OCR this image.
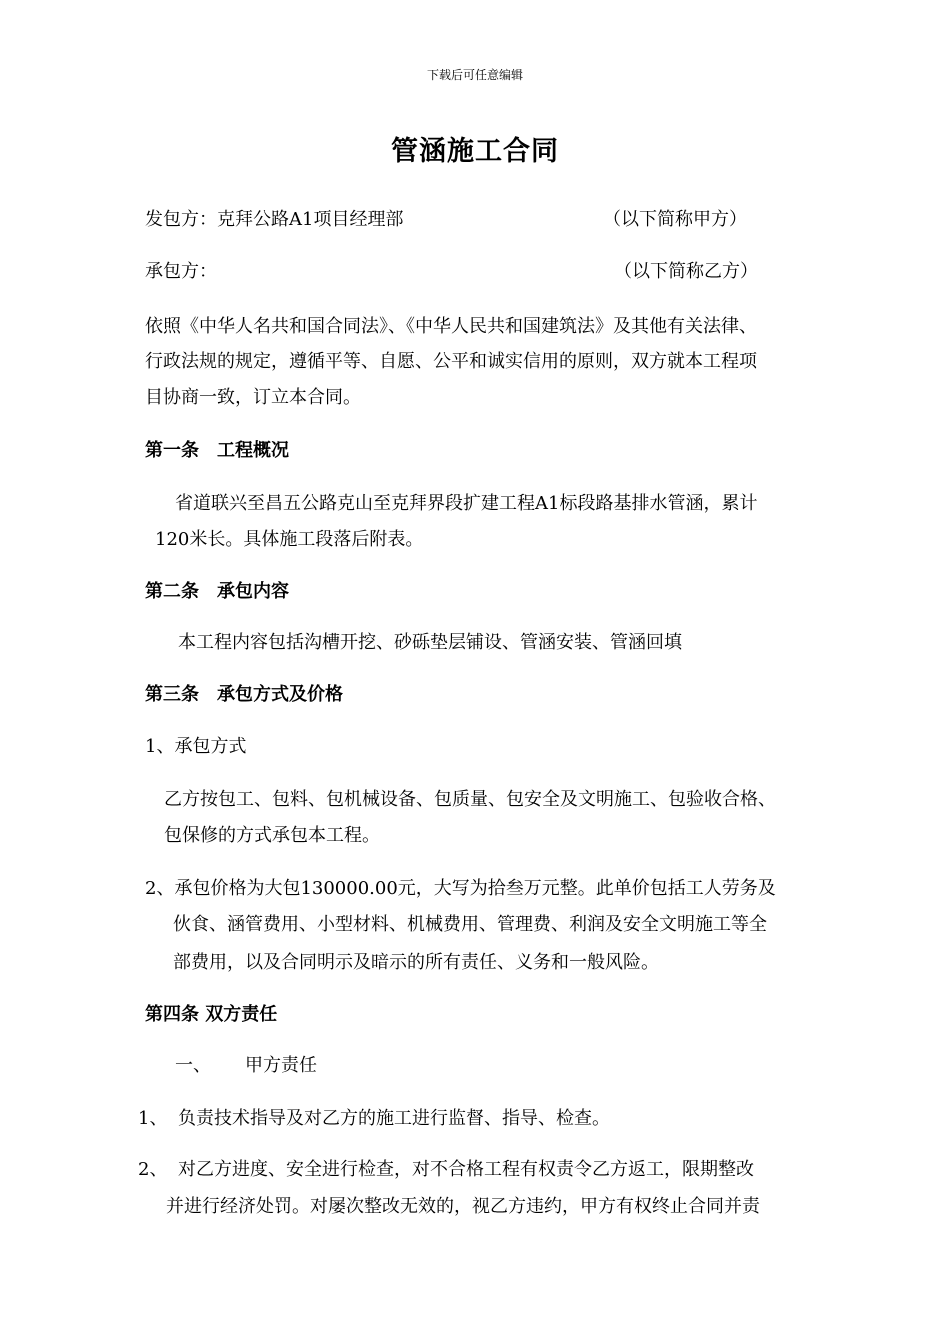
下载后可任意编辑
管涵施工合同
发包方：克拜公路A1项目经理部	（以下简称甲方）
承包方：	（以下简称乙方）
依照《中华人名共和国合同法》、《中华人民共和国建筑法》及其他有关法律、
行政法规的规定，遵循平等、自愿、公平和诚实信用的原则，双方就本工程项
目协商一致，订立本合同。
第一条　工程概况
省道联兴至昌五公路克山至克拜界段扩建工程A1标段路基排水管涵，累计
120米长。具体施工段落后附表。
第二条　承包内容
本工程内容包括沟槽开挖、砂砾垫层铺设、管涵安装、管涵回填
第三条　承包方式及价格
1、承包方式
乙方按包工、包料、包机械设备、包质量、包安全及文明施工、包验收合格、
包保修的方式承包本工程。
2、承包价格为大包130000.00元，大写为拾叁万元整。此单价包括工人劳务及
伙食、涵管费用、小型材料、机械费用、管理费、利润及安全文明施工等全
部费用，以及合同明示及暗示的所有责任、义务和一般风险。
第四条 双方责任
一、 甲方责任
1、 负责技术指导及对乙方的施工进行监督、指导、检查。
2、 对乙方进度、安全进行检查，对不合格工程有权责令乙方返工，限期整改
并进行经济处罚。对屡次整改无效的，视乙方违约，甲方有权终止合同并责
